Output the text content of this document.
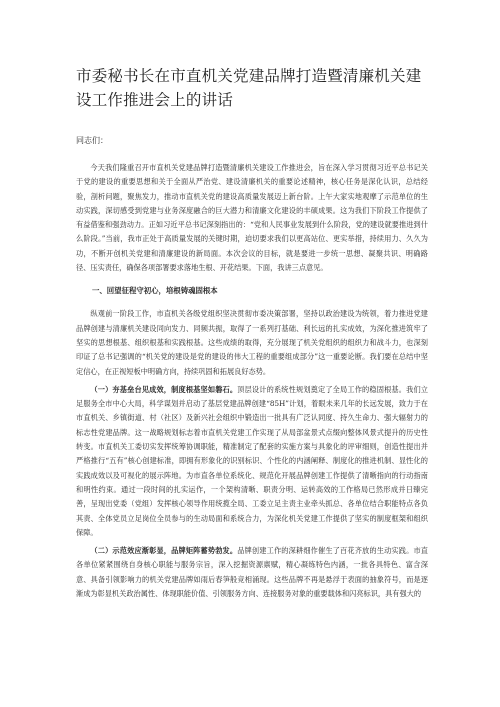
市委秘书长在市直机关党建品牌打造暨清廉机关建设工作推进会上的讲话

同志们：

今天我们隆重召开市直机关党建品牌打造暨清廉机关建设工作推进会，旨在深入学习贯彻习近平总书记关于党的建设的重要思想和关于全面从严治党、建设清廉机关的重要论述精神，核心任务是深化认识，总结经验，剖析问题，聚焦发力，推动市直机关党的建设高质量发展迈上新台阶。上午大家实地观摩了示范单位的生动实践，深切感受到党建与业务深度融合的巨大潜力和清廉文化建设的丰硕成果。这为我们下阶段工作提供了有益借鉴和强劲动力。正如习近平总书记深刻指出的：“党和人民事业发展到什么阶段，党的建设就要推进到什么阶段。”当前，我市正处于高质量发展的关键时期，迫切要求我们以更高站位、更实举措，持续用力、久久为功，不断开创机关党建和清廉建设的新局面。本次会议的目标，就是要进一步统一思想、凝聚共识、明确路径、压实责任，确保各项部署要求落地生根、开花结果。下面，我讲三点意见。

一、回望征程守初心，培根铸魂固根本

纵观前一阶段工作，市直机关各级党组织坚决贯彻市委决策部署，坚持以政治建设为统领，着力推进党建品牌创建与清廉机关建设同向发力、同频共振，取得了一系列打基础、利长远的扎实成效，为深化推进筑牢了坚实的思想根基、组织根基和实践根基。这些成绩的取得，充分展现了机关党组织的组织力和战斗力，也深刻印证了总书记强调的“机关党的建设是党的建设的伟大工程的重要组成部分”这一重要论断。我们要在总结中坚定信心，在正视短板中明确方向，持续巩固和拓展良好态势。

（一）夯基垒台见成效，制度根基坚如磐石。顶层设计的系统性规划奠定了全局工作的稳固根基。我们立足服务全市中心大局，科学谋划并启动了基层党建品牌创建“85H”计划，着眼未来几年的长远发展，致力于在市直机关、乡镇街道、村（社区）及新兴社会组织中锻造出一批具有广泛认同度、持久生命力、强大辐射力的标志性党建品牌。这一战略规划标志着市直机关党建工作实现了从局部盆景式点缀向整体风景式提升的历史性转变。市直机关工委切实发挥统筹协调职能，精准制定了配套的实施方案与具象化的评审细则，创造性提出并严格推行“五有”核心创建标准，即拥有形象化的识别标识、个性化的内涵阐释、制度化的推进机制、显性化的实践成效以及可视化的展示阵地。为市直各单位系统化、规范化开展品牌创建工作提供了清晰指向的行动指南和明性约束。通过一段时间的扎实运作，一个架构清晰、职责分明、运转高效的工作格局已然形成并日臻完善，呈现出党委（党组）发挥核心领导作用统揽全局、工委立足主责主业牵头抓总、各单位结合职能特点各负其责、全体党员立足岗位全员参与的生动局面和系统合力，为深化机关党建工作提供了坚实的制度框架和组织保障。

（二）示范效应渐彰显，品牌矩阵蓄势勃发。品牌创建工作的深耕细作催生了百花齐放的生动实践。市直各单位紧紧围绕自身核心职能与服务宗旨，深入挖掘资源禀赋，精心凝练特色内涵，一批各具特色、富含深意、具备引领影响力的机关党建品牌如雨后春笋般竞相涌现。这些品牌不再是悬浮于表面的抽象符号，而是逐渐成为彰显机关政治属性、体现职能价值、引领服务方向、连接服务对象的重要载体和闪亮标识，具有强大的
